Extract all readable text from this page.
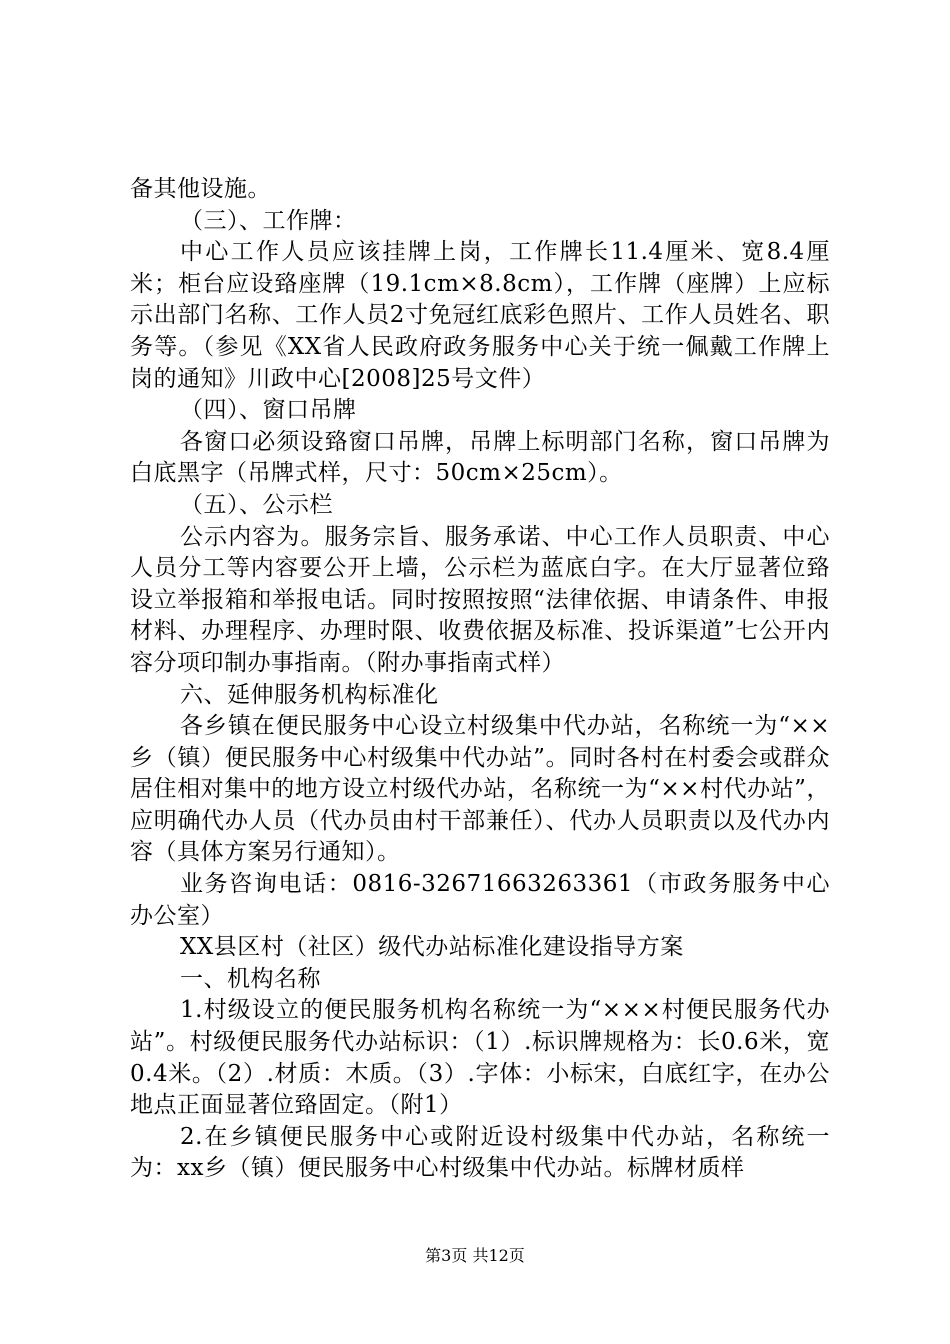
备其他设施。

（三）、工作牌：

中心工作人员应该挂牌上岗，工作牌长11.4厘米、宽8.4厘米；柜台应设臵座牌（19.1cm×8.8cm），工作牌（座牌）上应标示出部门名称、工作人员2寸免冠红底彩色照片、工作人员姓名、职务等。（参见《XX省人民政府政务服务中心关于统一佩戴工作牌上岗的通知》川政中心[2008]25号文件）

（四）、窗口吊牌

各窗口必须设臵窗口吊牌，吊牌上标明部门名称，窗口吊牌为白底黑字（吊牌式样，尺寸：50cm×25cm）。

（五）、公示栏

公示内容为。服务宗旨、服务承诺、中心工作人员职责、中心人员分工等内容要公开上墙，公示栏为蓝底白字。在大厅显著位臵设立举报箱和举报电话。同时按照按照“法律依据、申请条件、申报材料、办理程序、办理时限、收费依据及标准、投诉渠道”七公开内容分项印制办事指南。（附办事指南式样）

六、延伸服务机构标准化

各乡镇在便民服务中心设立村级集中代办站，名称统一为“××乡（镇）便民服务中心村级集中代办站”。同时各村在村委会或群众居住相对集中的地方设立村级代办站，名称统一为“××村代办站”，应明确代办人员（代办员由村干部兼任）、代办人员职责以及代办内容（具体方案另行通知）。

业务咨询电话：0816-32671663263361（市政务服务中心办公室）

XX县区村（社区）级代办站标准化建设指导方案

一、机构名称

1.村级设立的便民服务机构名称统一为“×××村便民服务代办站”。村级便民服务代办站标识：（1）.标识牌规格为：长0.6米，宽0.4米。（2）.材质：木质。（3）.字体：小标宋，白底红字，在办公地点正面显著位臵固定。（附1）

2.在乡镇便民服务中心或附近设村级集中代办站，名称统一为：xx乡（镇）便民服务中心村级集中代办站。标牌材质样

第3页 共12页
